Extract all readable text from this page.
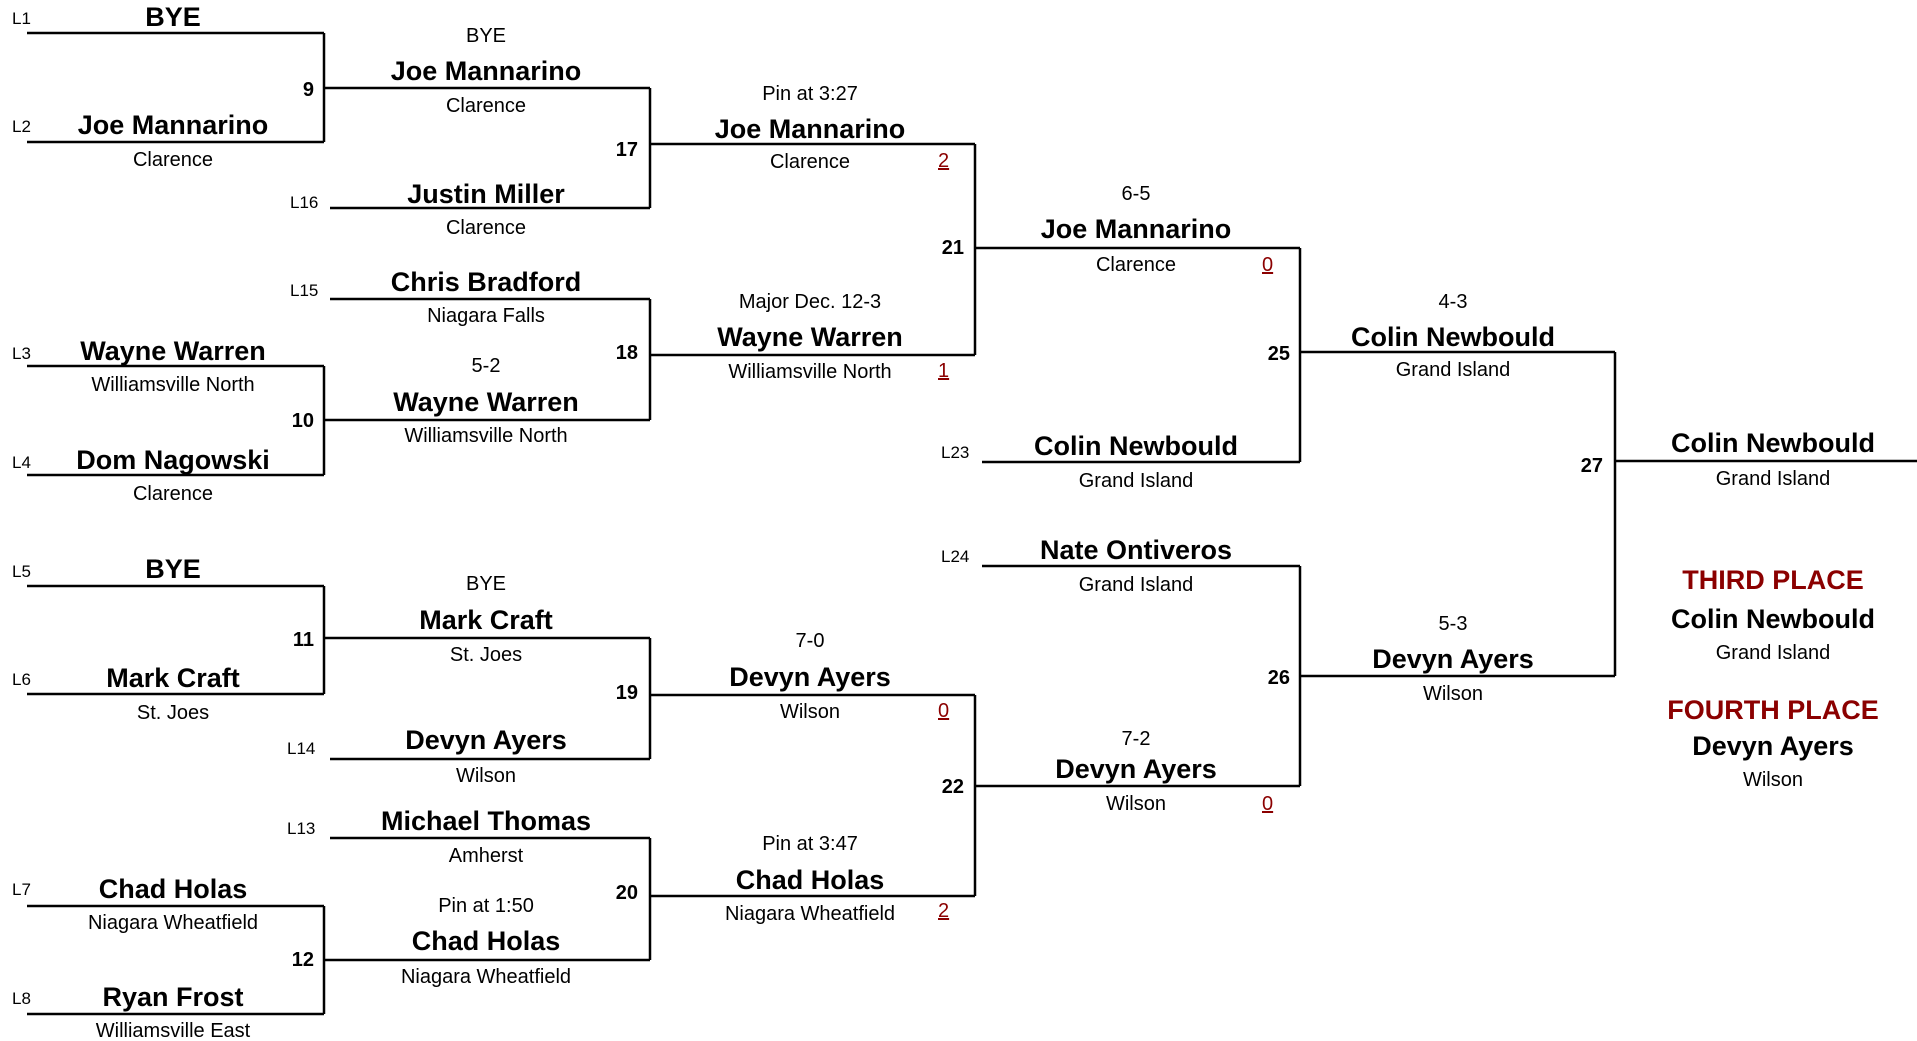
L1	BYE
L2 Joe Mannarino
Clarence
L3 Wayne Warren
Williamsville North
L4 Dom Nagowski
Clarence
L5	BYE
L6	Mark Craft
St. Joes
L7	Chad Holas
Niagara Wheatfield
L8	Ryan Frost
Williamsville East
9
10
11
12
BYE
Joe Mannarino
Clarence
L16	Justin Miller
Clarence
L15	Chris Bradford
Niagara Falls
5-2
Wayne Warren
Williamsville North
BYE
Mark Craft
St. Joes
L14	Devyn Ayers
Wilson
L13 Michael Thomas
Amherst
Pin at 1:50
Chad Holas
Niagara Wheatfield
17
18
19
20
Pin at 3:27
Joe Mannarino
Clarence	2
Major Dec. 12-3
Wayne Warren
Williamsville North 1
7-0
Devyn Ayers
Wilson	0
Pin at 3:47
Chad Holas
Niagara Wheatfield 2
21
22
6-5
Joe Mannarino
Clarence	0
L23 Colin Newbould
Grand Island
L24	Nate Ontiveros
Grand Island
7-2
Devyn Ayers
Wilson	0
25
26
4-3
Colin Newbould
Grand Island
5-3
Devyn Ayers
Wilson
27
Colin Newbould
Grand Island
THIRD PLACE
Colin Newbould
Grand Island
FOURTH PLACE
Devyn Ayers
Wilson
